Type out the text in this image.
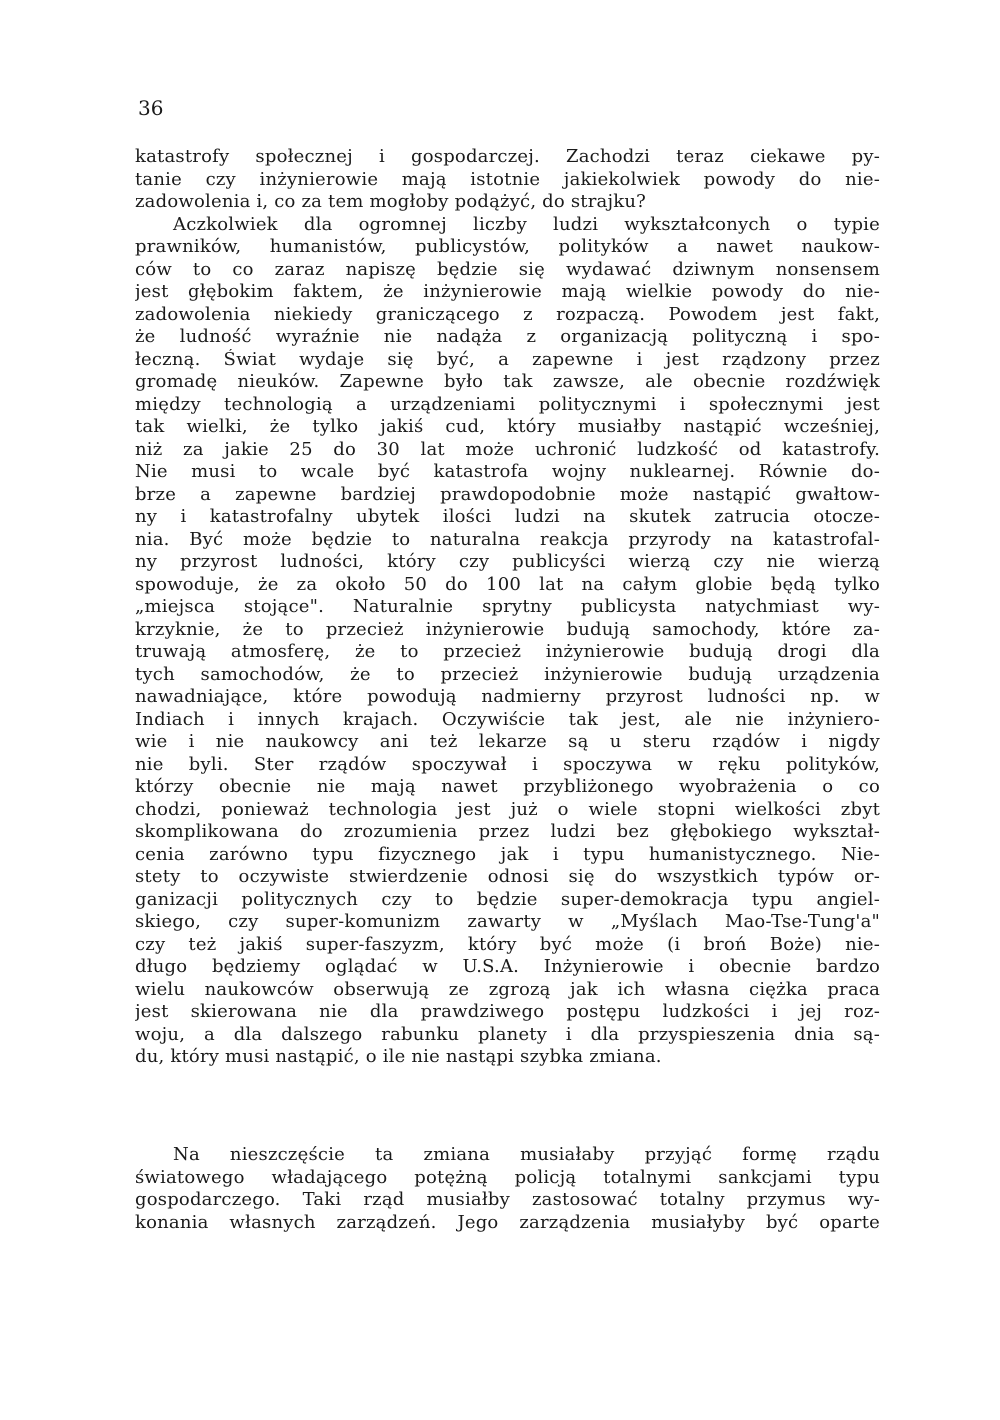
36
katastrofy społecznej i gospodarczej. Zachodzi teraz ciekawe py-
tanie czy inżynierowie mają istotnie jakiekolwiek powody do nie-
zadowolenia i, co za tem mogłoby podążyć, do strajku?
Aczkolwiek dla ogromnej liczby ludzi wykształconych o typie
prawników, humanistów, publicystów, polityków a nawet naukow-
ców to co zaraz napiszę będzie się wydawać dziwnym nonsensem
jest głębokim faktem, że inżynierowie mają wielkie powody do nie-
zadowolenia niekiedy graniczącego z rozpaczą. Powodem jest fakt,
że ludność wyraźnie nie nadąża z organizacją polityczną i spo-
łeczną. Świat wydaje się być, a zapewne i jest rządzony przez
gromadę nieuków. Zapewne było tak zawsze, ale obecnie rozdźwięk
między technologią a urządzeniami politycznymi i społecznymi jest
tak wielki, że tylko jakiś cud, który musiałby nastąpić wcześniej,
niż za jakie 25 do 30 lat może uchronić ludzkość od katastrofy.
Nie musi to wcale być katastrofa wojny nuklearnej. Równie do-
brze a zapewne bardziej prawdopodobnie może nastąpić gwałtow-
ny i katastrofalny ubytek ilości ludzi na skutek zatrucia otocze-
nia. Być może będzie to naturalna reakcja przyrody na katastrofal-
ny przyrost ludności, który czy publicyści wierzą czy nie wierzą
spowoduje, że za około 50 do 100 lat na całym globie będą tylko
„miejsca stojące". Naturalnie sprytny publicysta natychmiast wy-
krzyknie, że to przecież inżynierowie budują samochody, które za-
truwają atmosferę, że to przecież inżynierowie budują drogi dla
tych samochodów, że to przecież inżynierowie budują urządzenia
nawadniające, które powodują nadmierny przyrost ludności np. w
Indiach i innych krajach. Oczywiście tak jest, ale nie inżyniero-
wie i nie naukowcy ani też lekarze są u steru rządów i nigdy
nie byli. Ster rządów spoczywał i spoczywa w ręku polityków,
którzy obecnie nie mają nawet przybliżonego wyobrażenia o co
chodzi, ponieważ technologia jest już o wiele stopni wielkości zbyt
skomplikowana do zrozumienia przez ludzi bez głębokiego wykształ-
cenia zarówno typu fizycznego jak i typu humanistycznego. Nie-
stety to oczywiste stwierdzenie odnosi się do wszystkich typów or-
ganizacji politycznych czy to będzie super-demokracja typu angiel-
skiego, czy super-komunizm zawarty w „Myślach Mao-Tse-Tung'a"
czy też jakiś super-faszyzm, który być może (i broń Boże) nie-
długo będziemy oglądać w U.S.A. Inżynierowie i obecnie bardzo
wielu naukowców obserwują ze zgrozą jak ich własna ciężka praca
jest skierowana nie dla prawdziwego postępu ludzkości i jej roz-
woju, a dla dalszego rabunku planety i dla przyspieszenia dnia są-
du, który musi nastąpić, o ile nie nastąpi szybka zmiana.
Na nieszczęście ta zmiana musiałaby przyjąć formę rządu
światowego władającego potężną policją totalnymi sankcjami typu
gospodarczego. Taki rząd musiałby zastosować totalny przymus wy-
konania własnych zarządzeń. Jego zarządzenia musiałyby być oparte
